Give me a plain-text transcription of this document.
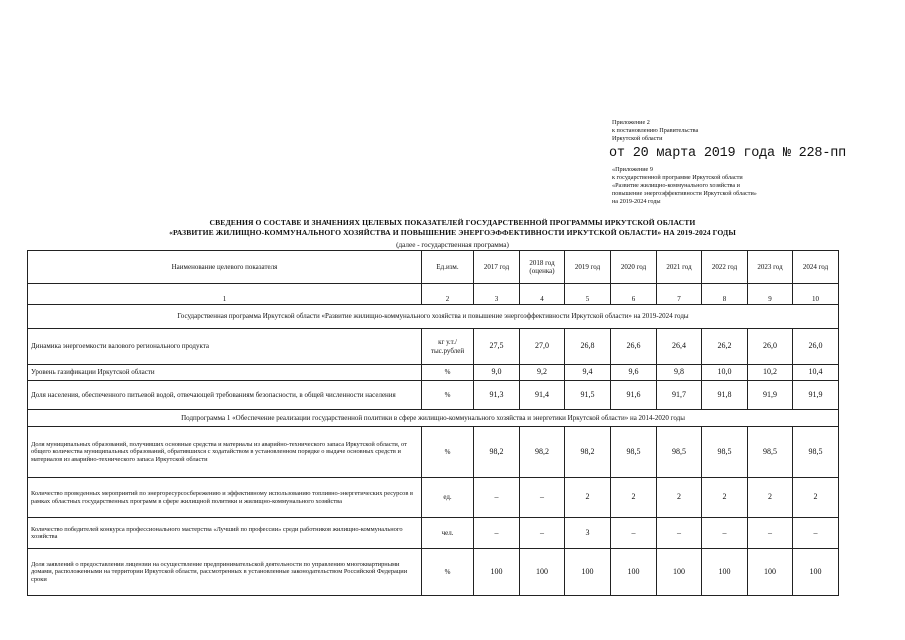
Приложение 2
к постановлению Правительства
Иркутской области
от 20 марта 2019 года № 228-пп
«Приложение 9
к государственной программе Иркутской области
«Развитие жилищно-коммунального хозяйства и
повышение энергоэффективности Иркутской области»
на 2019-2024 годы
СВЕДЕНИЯ О СОСТАВЕ И ЗНАЧЕНИЯХ ЦЕЛЕВЫХ ПОКАЗАТЕЛЕЙ ГОСУДАРСТВЕННОЙ ПРОГРАММЫ ИРКУТСКОЙ ОБЛАСТИ
«РАЗВИТИЕ ЖИЛИЩНО-КОММУНАЛЬНОГО ХОЗЯЙСТВА И ПОВЫШЕНИЕ ЭНЕРГОЭФФЕКТИВНОСТИ ИРКУТСКОЙ ОБЛАСТИ» НА 2019-2024 ГОДЫ
(далее - государственная программа)
Наименование целевого показателя	Ед.изм.	2017 год	2018 год
(оценка)	2019 год	2020 год	2021 год	2022 год	2023 год	2024 год
1	2	3	4	5	6	7	8	9	10
Государственная программа Иркутской области «Развитие жилищно-коммунального хозяйства и повышение энергоэффективности Иркутской области» на 2019-2024 годы									
Динамика энергоемкости валового регионального продукта	кг у.т./
тыс.рублей	27,5	27,0	26,8	26,6	26,4	26,2	26,0	26,0
Уровень газификации Иркутской области	%	9,0	9,2	9,4	9,6	9,8	10,0	10,2	10,4
Доля населения, обеспеченного питьевой водой, отвечающей требованиям безопасности, в общей численности населения	%	91,3	91,4	91,5	91,6	91,7	91,8	91,9	91,9
Подпрограмма 1 «Обеспечение реализации государственной политики в сфере жилищно-коммунального хозяйства и энергетики Иркутской области» на 2014-2020 годы									
Доля муниципальных образований, получивших основные средства и материалы из аварийно-технического запаса Иркутской области, от общего количества муниципальных образований, обратившихся с ходатайством в установленном порядке о выдаче основных средств и материалов из аварийно-технического запаса Иркутской области	%	98,2	98,2	98,2	98,5	98,5	98,5	98,5	98,5
Количество проведенных мероприятий по энергоресурсосбережению и эффективному использованию топливно-энергетических ресурсов в рамках областных государственных программ в сфере жилищной политики и жилищно-коммунального хозяйства	ед.	–	–	2	2	2	2	2	2
Количество победителей конкурса профессионального мастерства «Лучший по профессии» среди работников жилищно-коммунального хозяйства	чел.	–	–	3	–	–	–	–	–
Доля заявлений о предоставлении лицензии на осуществление предпринимательской деятельности по управлению многоквартирными домами, расположенными на территории Иркутской области, рассмотренных в установленные законодательством Российской Федерации сроки	%	100	100	100	100	100	100	100	100
